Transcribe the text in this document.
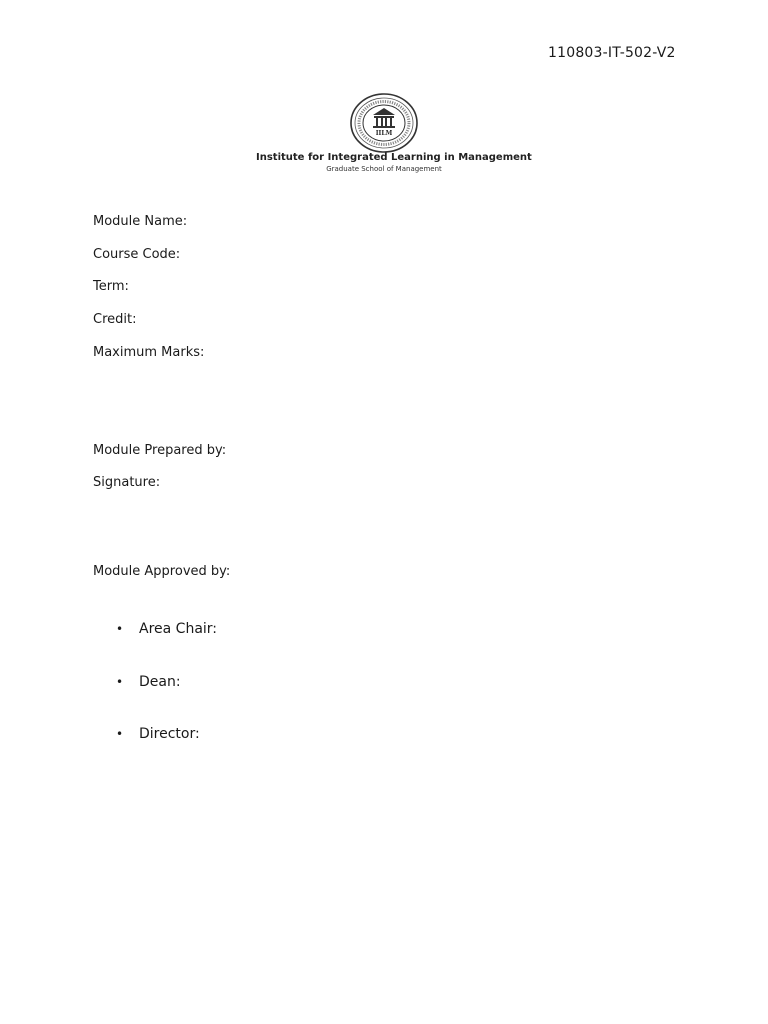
110803-IT-502-V2
IILM
Institute for Integrated Learning in Management
Graduate School of Management
Module Name:
Course Code:
Term:
Credit:
Maximum Marks:
Module Prepared by:
Signature:
Module Approved by:
• Area Chair:
• Dean:
• Director:
